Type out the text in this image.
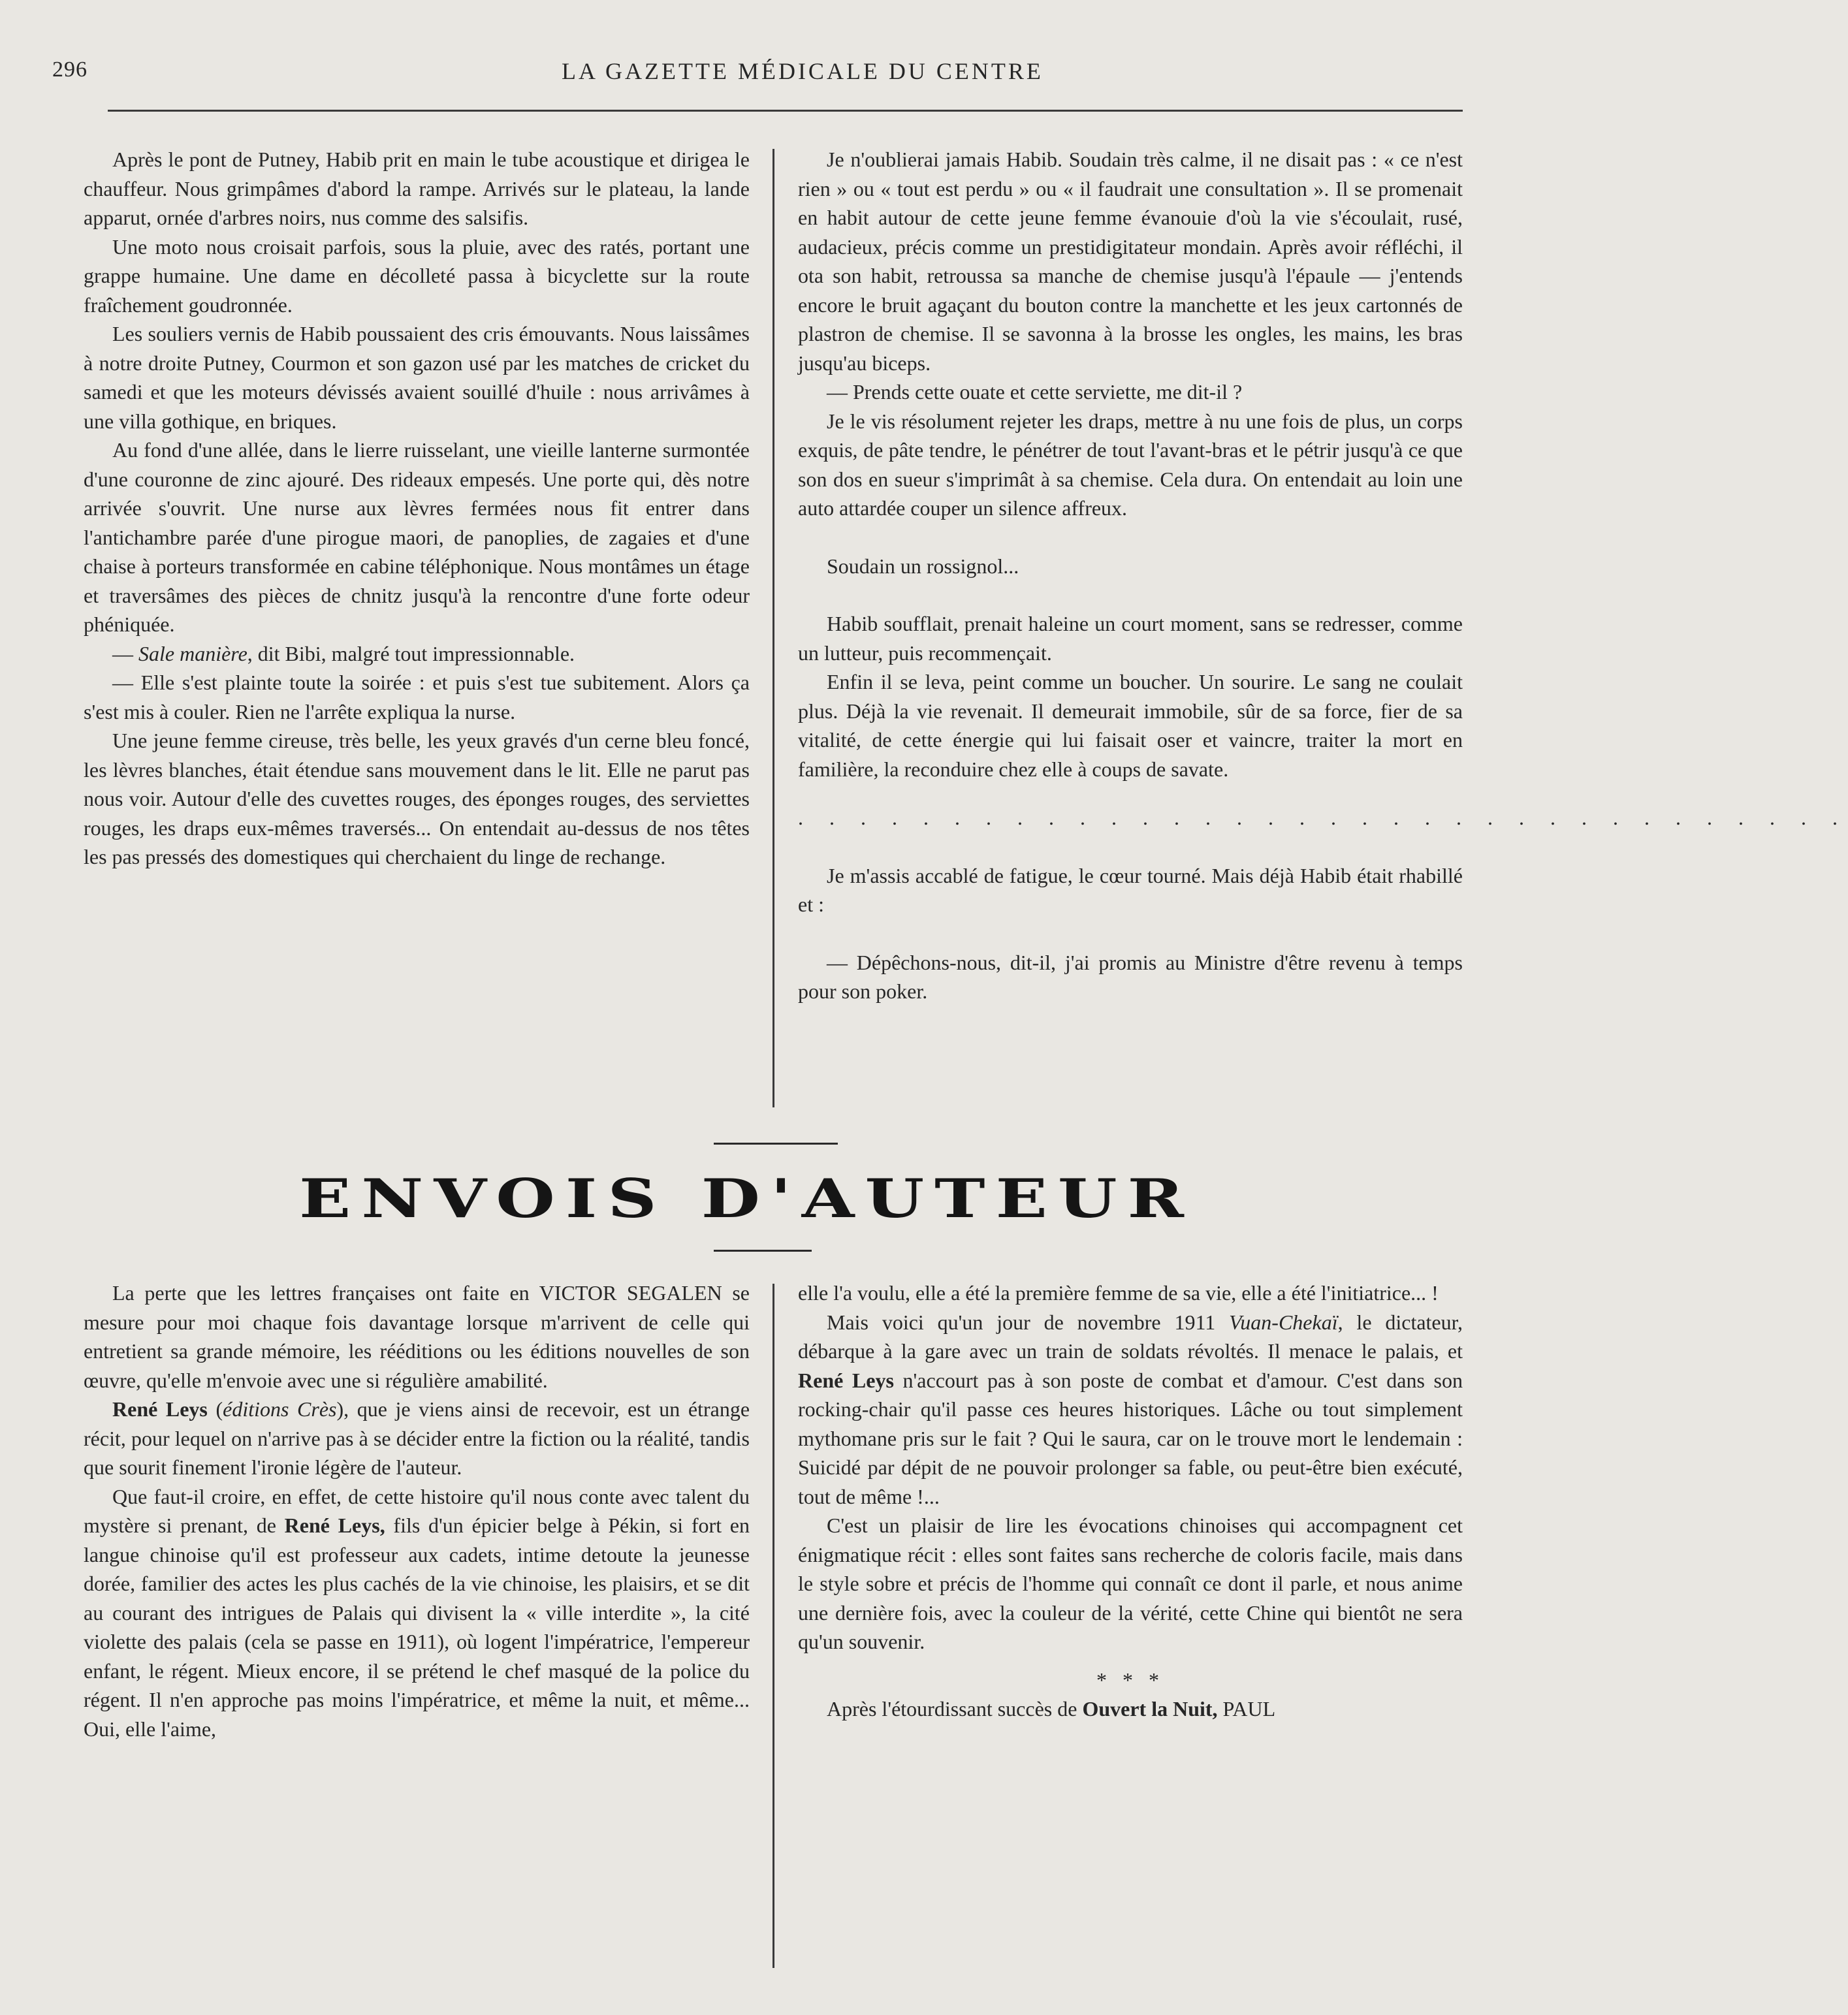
296	LA GAZETTE MÉDICALE DU CENTRE

Après le pont de Putney, Habib prit en main le tube acoustique et dirigea le chauffeur. Nous grimpâmes d'abord la rampe. Arrivés sur le plateau, la lande apparut, ornée d'arbres noirs, nus comme des salsifis.

Une moto nous croisait parfois, sous la pluie, avec des ratés, portant une grappe humaine. Une dame en décolleté passa à bicyclette sur la route fraîchement goudronnée.

Les souliers vernis de Habib poussaient des cris émouvants. Nous laissâmes à notre droite Putney, Courmon et son gazon usé par les matches de cricket du samedi et que les moteurs dévissés avaient souillé d'huile : nous arrivâmes à une villa gothique, en briques.

Au fond d'une allée, dans le lierre ruisselant, une vieille lanterne surmontée d'une couronne de zinc ajouré. Des rideaux empesés. Une porte qui, dès notre arrivée s'ouvrit. Une nurse aux lèvres fermées nous fit entrer dans l'antichambre parée d'une pirogue maori, de panoplies, de zagaies et d'une chaise à porteurs transformée en cabine téléphonique. Nous montâmes un étage et traversâmes des pièces de chnitz jusqu'à la rencontre d'une forte odeur phéniquée.

— Sale manière, dit Bibi, malgré tout impressionnable.

— Elle s'est plainte toute la soirée : et puis s'est tue subitement. Alors ça s'est mis à couler. Rien ne l'arrête expliqua la nurse.

Une jeune femme cireuse, très belle, les yeux gravés d'un cerne bleu foncé, les lèvres blanches, était étendue sans mouvement dans le lit. Elle ne parut pas nous voir. Autour d'elle des cuvettes rouges, des éponges rouges, des serviettes rouges, les draps eux-mêmes traversés... On entendait au-dessus de nos têtes les pas pressés des domestiques qui cherchaient du linge de rechange.

Je n'oublierai jamais Habib. Soudain très calme, il ne disait pas : « ce n'est rien » ou « tout est perdu » ou « il faudrait une consultation ». Il se promenait en habit autour de cette jeune femme évanouie d'où la vie s'écoulait, rusé, audacieux, précis comme un prestidigitateur mondain. Après avoir réfléchi, il ota son habit, retroussa sa manche de chemise jusqu'à l'épaule — j'entends encore le bruit agaçant du bouton contre la manchette et les jeux cartonnés de plastron de chemise. Il se savonna à la brosse les ongles, les mains, les bras jusqu'au biceps.

— Prends cette ouate et cette serviette, me dit-il ?

Je le vis résolument rejeter les draps, mettre à nu une fois de plus, un corps exquis, de pâte tendre, le pénétrer de tout l'avant-bras et le pétrir jusqu'à ce que son dos en sueur s'imprimât à sa chemise. Cela dura. On entendait au loin une auto attardée couper un silence affreux.

Soudain un rossignol...

Habib soufflait, prenait haleine un court moment, sans se redresser, comme un lutteur, puis recommençait.

Enfin il se leva, peint comme un boucher. Un sourire. Le sang ne coulait plus. Déjà la vie revenait. Il demeurait immobile, sûr de sa force, fier de sa vitalité, de cette énergie qui lui faisait oser et vaincre, traiter la mort en familière, la reconduire chez elle à coups de savate.

. . . . . . . . . . . . . . . . . . . . . . . . . . . . . . . . . .

Je m'assis accablé de fatigue, le cœur tourné. Mais déjà Habib était rhabillé et :

— Dépêchons-nous, dit-il, j'ai promis au Ministre d'être revenu à temps pour son poker.

ENVOIS D'AUTEUR

La perte que les lettres françaises ont faite en VICTOR SEGALEN se mesure pour moi chaque fois davantage lorsque m'arrivent de celle qui entretient sa grande mémoire, les rééditions ou les éditions nouvelles de son œuvre, qu'elle m'envoie avec une si régulière amabilité.

René Leys (éditions Crès), que je viens ainsi de recevoir, est un étrange récit, pour lequel on n'arrive pas à se décider entre la fiction ou la réalité, tandis que sourit finement l'ironie légère de l'auteur.

Que faut-il croire, en effet, de cette histoire qu'il nous conte avec talent du mystère si prenant, de René Leys, fils d'un épicier belge à Pékin, si fort en langue chinoise qu'il est professeur aux cadets, intime detoute la jeunesse dorée, familier des actes les plus cachés de la vie chinoise, les plaisirs, et se dit au courant des intrigues de Palais qui divisent la « ville interdite », la cité violette des palais (cela se passe en 1911), où logent l'impératrice, l'empereur enfant, le régent. Mieux encore, il se prétend le chef masqué de la police du régent. Il n'en approche pas moins l'impératrice, et même la nuit, et même... Oui, elle l'aime,

elle l'a voulu, elle a été la première femme de sa vie, elle a été l'initiatrice... !

Mais voici qu'un jour de novembre 1911 Vuan-Chekaï, le dictateur, débarque à la gare avec un train de soldats révoltés. Il menace le palais, et René Leys n'accourt pas à son poste de combat et d'amour. C'est dans son rocking-chair qu'il passe ces heures historiques. Lâche ou tout simplement mythomane pris sur le fait ? Qui le saura, car on le trouve mort le lendemain : Suicidé par dépit de ne pouvoir prolonger sa fable, ou peut-être bien exécuté, tout de même !...

C'est un plaisir de lire les évocations chinoises qui accompagnent cet énigmatique récit : elles sont faites sans recherche de coloris facile, mais dans le style sobre et précis de l'homme qui connaît ce dont il parle, et nous anime une dernière fois, avec la couleur de la vérité, cette Chine qui bientôt ne sera qu'un souvenir.

* * *

Après l'étourdissant succès de Ouvert la Nuit, PAUL
